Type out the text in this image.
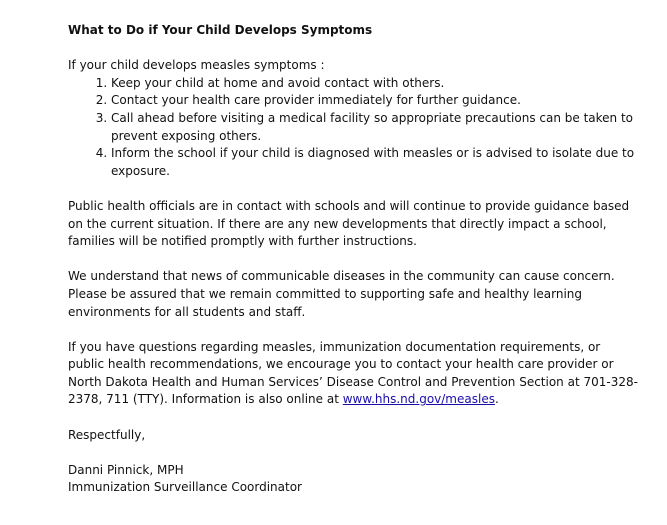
What to Do if Your Child Develops Symptoms

If your child develops measles symptoms :

1. Keep your child at home and avoid contact with others.
2. Contact your health care provider immediately for further guidance.
3. Call ahead before visiting a medical facility so appropriate precautions can be taken to prevent exposing others.
4. Inform the school if your child is diagnosed with measles or is advised to isolate due to exposure.

Public health officials are in contact with schools and will continue to provide guidance based on the current situation. If there are any new developments that directly impact a school, families will be notified promptly with further instructions.

We understand that news of communicable diseases in the community can cause concern. Please be assured that we remain committed to supporting safe and healthy learning environments for all students and staff.

If you have questions regarding measles, immunization documentation requirements, or public health recommendations, we encourage you to contact your health care provider or North Dakota Health and Human Services’ Disease Control and Prevention Section at 701-328-2378, 711 (TTY). Information is also online at www.hhs.nd.gov/measles.

Respectfully,

Danni Pinnick, MPH
Immunization Surveillance Coordinator
